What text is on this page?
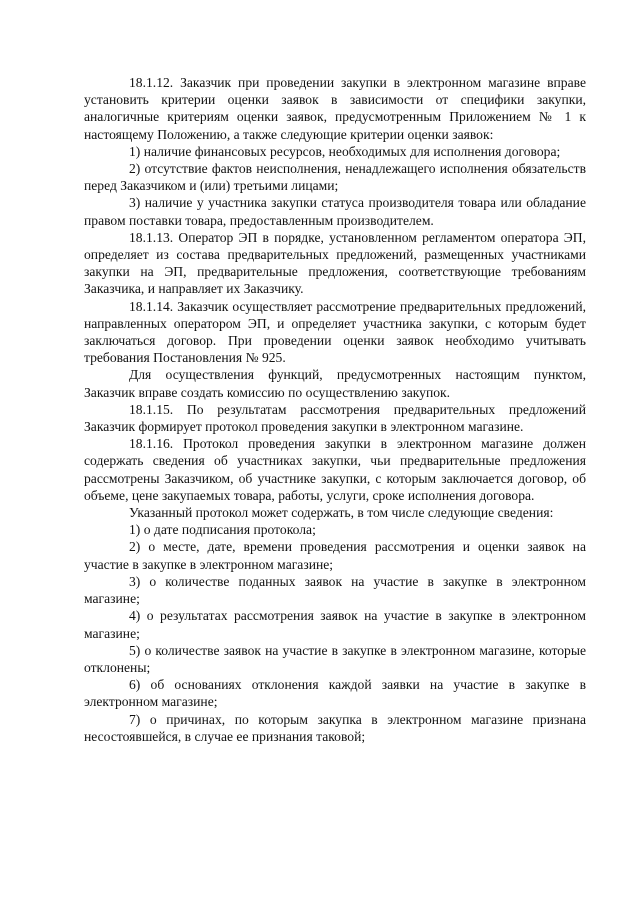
18.1.12. Заказчик при проведении закупки в электронном магазине вправе установить критерии оценки заявок в зависимости от специфики закупки, аналогичные критериям оценки заявок, предусмотренным Приложением № 1 к настоящему Положению, а также следующие критерии оценки заявок:

1) наличие финансовых ресурсов, необходимых для исполнения договора;

2) отсутствие фактов неисполнения, ненадлежащего исполнения обязательств перед Заказчиком и (или) третьими лицами;

3) наличие у участника закупки статуса производителя товара или обладание правом поставки товара, предоставленным производителем.

18.1.13. Оператор ЭП в порядке, установленном регламентом оператора ЭП, определяет из состава предварительных предложений, размещенных участниками закупки на ЭП, предварительные предложения, соответствующие требованиям Заказчика, и направляет их Заказчику.

18.1.14. Заказчик осуществляет рассмотрение предварительных предложений, направленных оператором ЭП, и определяет участника закупки, с которым будет заключаться договор. При проведении оценки заявок необходимо учитывать требования Постановления № 925.

Для осуществления функций, предусмотренных настоящим пунктом, Заказчик вправе создать комиссию по осуществлению закупок.

18.1.15. По результатам рассмотрения предварительных предложений Заказчик формирует протокол проведения закупки в электронном магазине.

18.1.16. Протокол проведения закупки в электронном магазине должен содержать сведения об участниках закупки, чьи предварительные предложения рассмотрены Заказчиком, об участнике закупки, с которым заключается договор, об объеме, цене закупаемых товара, работы, услуги, сроке исполнения договора.

Указанный протокол может содержать, в том числе следующие сведения:

1) о дате подписания протокола;

2) о месте, дате, времени проведения рассмотрения и оценки заявок на участие в закупке в электронном магазине;

3) о количестве поданных заявок на участие в закупке в электронном магазине;

4) о результатах рассмотрения заявок на участие в закупке в электронном магазине;

5) о количестве заявок на участие в закупке в электронном магазине, которые отклонены;

6) об основаниях отклонения каждой заявки на участие в закупке в электронном магазине;

7) о причинах, по которым закупка в электронном магазине признана несостоявшейся, в случае ее признания таковой;
